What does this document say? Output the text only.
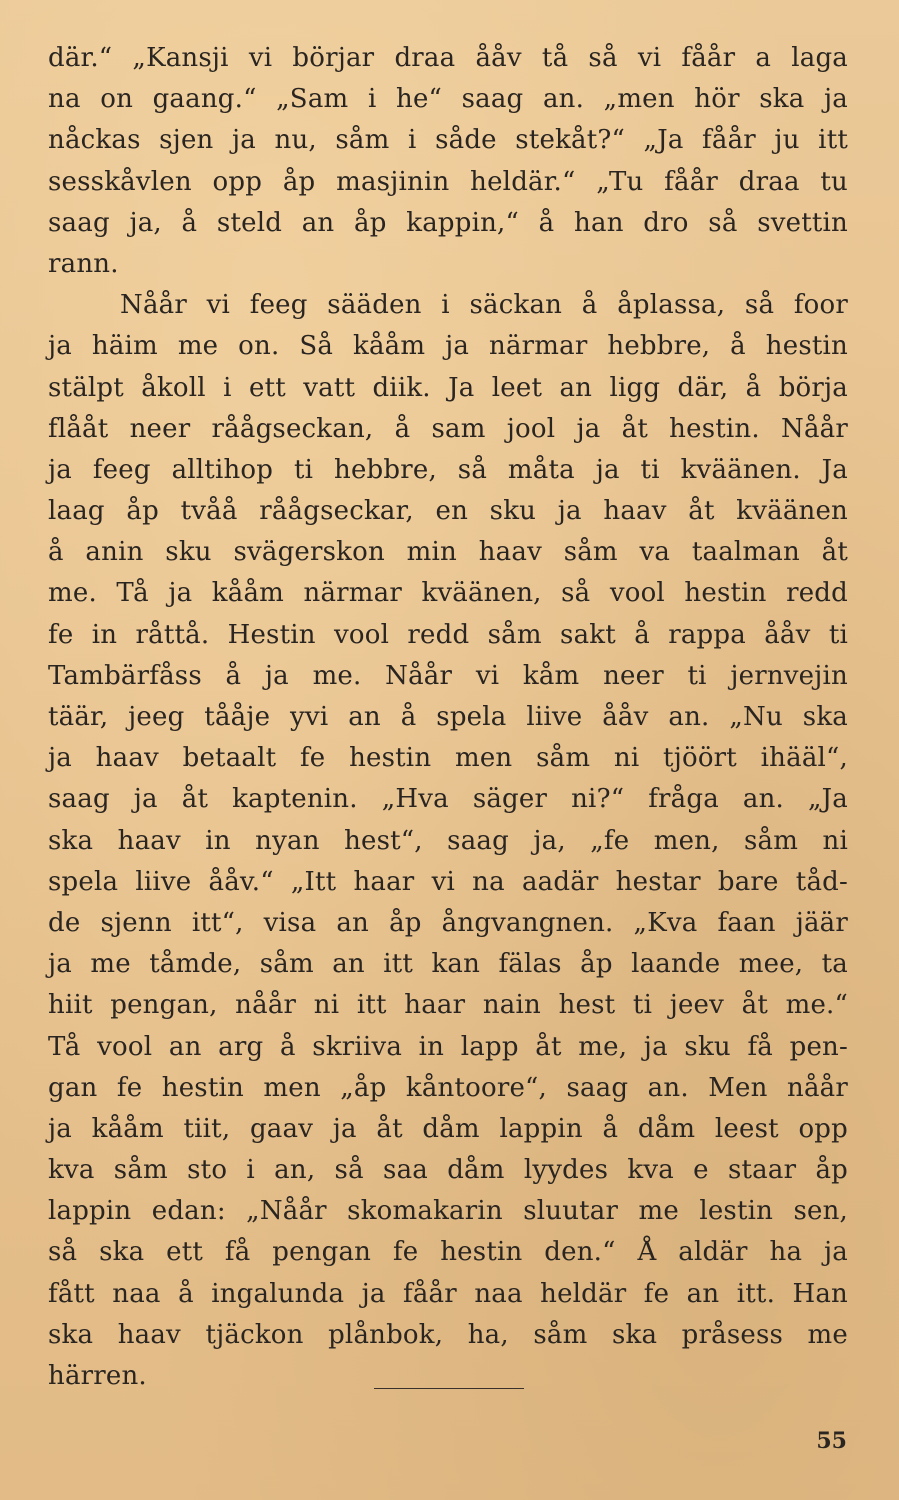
där.“ „Kansji vi börjar draa ååv tå så vi fåår a laga
na on gaang.“ „Sam i he“ saag an. „men hör ska ja
nåckas sjen ja nu, såm i såde stekåt?“ „Ja fåår ju itt
sesskåvlen opp åp masjinin heldär.“ „Tu fåår draa tu
saag ja, å steld an åp kappin,“ å han dro så svettin
rann.
Nåår vi feeg sääden i säckan å åplassa, så foor
ja häim me on. Så kååm ja närmar hebbre, å hestin
stälpt åkoll i ett vatt diik. Ja leet an ligg där, å börja
flååt neer råågseckan, å sam jool ja åt hestin. Nåår
ja feeg alltihop ti hebbre, så måta ja ti kväänen. Ja
laag åp tvåå råågseckar, en sku ja haav åt kväänen
å anin sku svägerskon min haav såm va taalman åt
me. Tå ja kååm närmar kväänen, så vool hestin redd
fe in råttå. Hestin vool redd såm sakt å rappa ååv ti
Tambärfåss å ja me. Nåår vi kåm neer ti jernvejin
täär, jeeg tååje yvi an å spela liive ååv an. „Nu ska
ja haav betaalt fe hestin men såm ni tjöört ihääl“,
saag ja åt kaptenin. „Hva säger ni?“ fråga an. „Ja
ska haav in nyan hest“, saag ja, „fe men, såm ni
spela liive ååv.“ „Itt haar vi na aadär hestar bare tåd-
de sjenn itt“, visa an åp ångvangnen. „Kva faan jäär
ja me tåmde, såm an itt kan fälas åp laande mee, ta
hiit pengan, nåår ni itt haar nain hest ti jeev åt me.“
Tå vool an arg å skriiva in lapp åt me, ja sku få pen-
gan fe hestin men „åp kåntoore“, saag an. Men nåår
ja kååm tiit, gaav ja åt dåm lappin å dåm leest opp
kva såm sto i an, så saa dåm lyydes kva e staar åp
lappin edan: „Nåår skomakarin sluutar me lestin sen,
så ska ett få pengan fe hestin den.“ Å aldär ha ja
fått naa å ingalunda ja fåår naa heldär fe an itt. Han
ska haav tjäckon plånbok, ha, såm ska pråsess me
härren.
55
